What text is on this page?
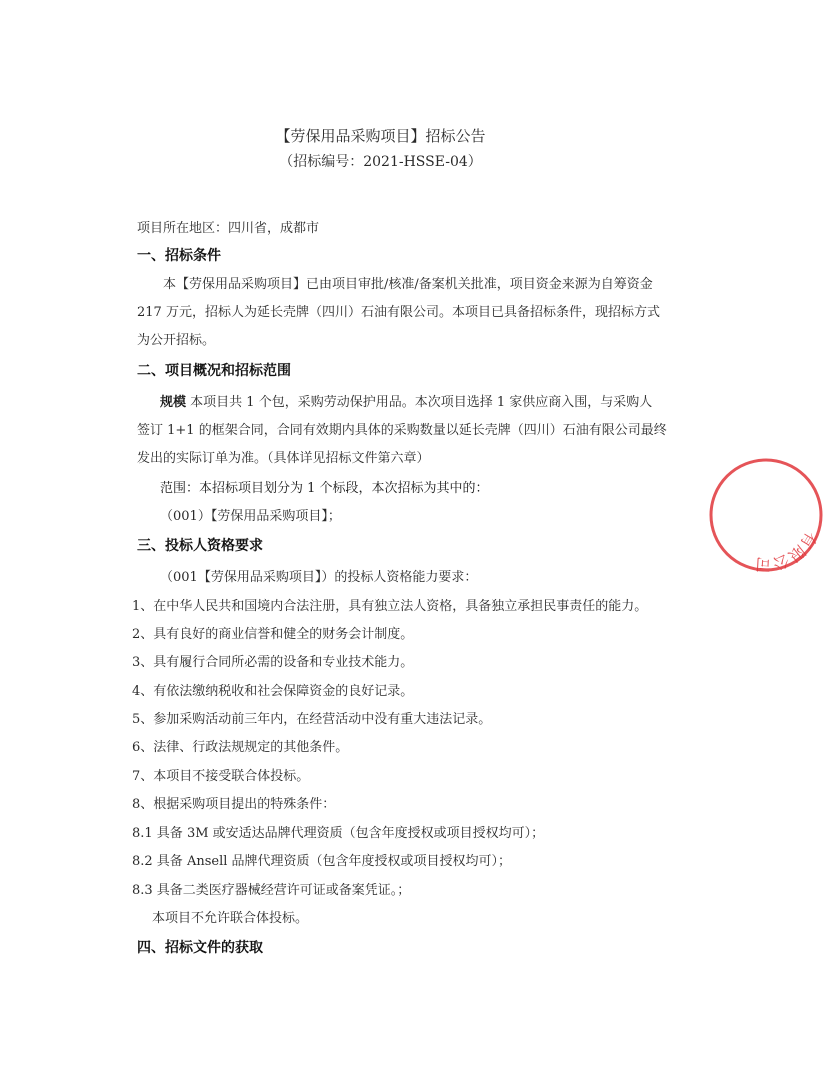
【劳保用品采购项目】招标公告
（招标编号：2021-HSSE-04）
项目所在地区：四川省，成都市
一、招标条件
本【劳保用品采购项目】已由项目审批/核准/备案机关批准，项目资金来源为自筹资金
217 万元，招标人为延长壳牌（四川）石油有限公司。本项目已具备招标条件，现招标方式
为公开招标。
二、项目概况和招标范围
规模 本项目共 1 个包，采购劳动保护用品。本次项目选择 1 家供应商入围，与采购人
签订 1+1 的框架合同，合同有效期内具体的采购数量以延长壳牌（四川）石油有限公司最终
发出的实际订单为准。（具体详见招标文件第六章）
范围：本招标项目划分为 1 个标段，本次招标为其中的：
（001）【劳保用品采购项目】；
三、投标人资格要求
（001【劳保用品采购项目】）的投标人资格能力要求：
1、在中华人民共和国境内合法注册，具有独立法人资格，具备独立承担民事责任的能力。
2、具有良好的商业信誉和健全的财务会计制度。
3、具有履行合同所必需的设备和专业技术能力。
4、有依法缴纳税收和社会保障资金的良好记录。
5、参加采购活动前三年内，在经营活动中没有重大违法记录。
6、法律、行政法规规定的其他条件。
7、本项目不接受联合体投标。
8、根据采购项目提出的特殊条件：
8.1 具备 3M 或安适达品牌代理资质（包含年度授权或项目授权均可）；
8.2 具备 Ansell 品牌代理资质（包含年度授权或项目授权均可）；
8.3 具备二类医疗器械经营许可证或备案凭证。；
本项目不允许联合体投标。
四、招标文件的获取
有限公司
